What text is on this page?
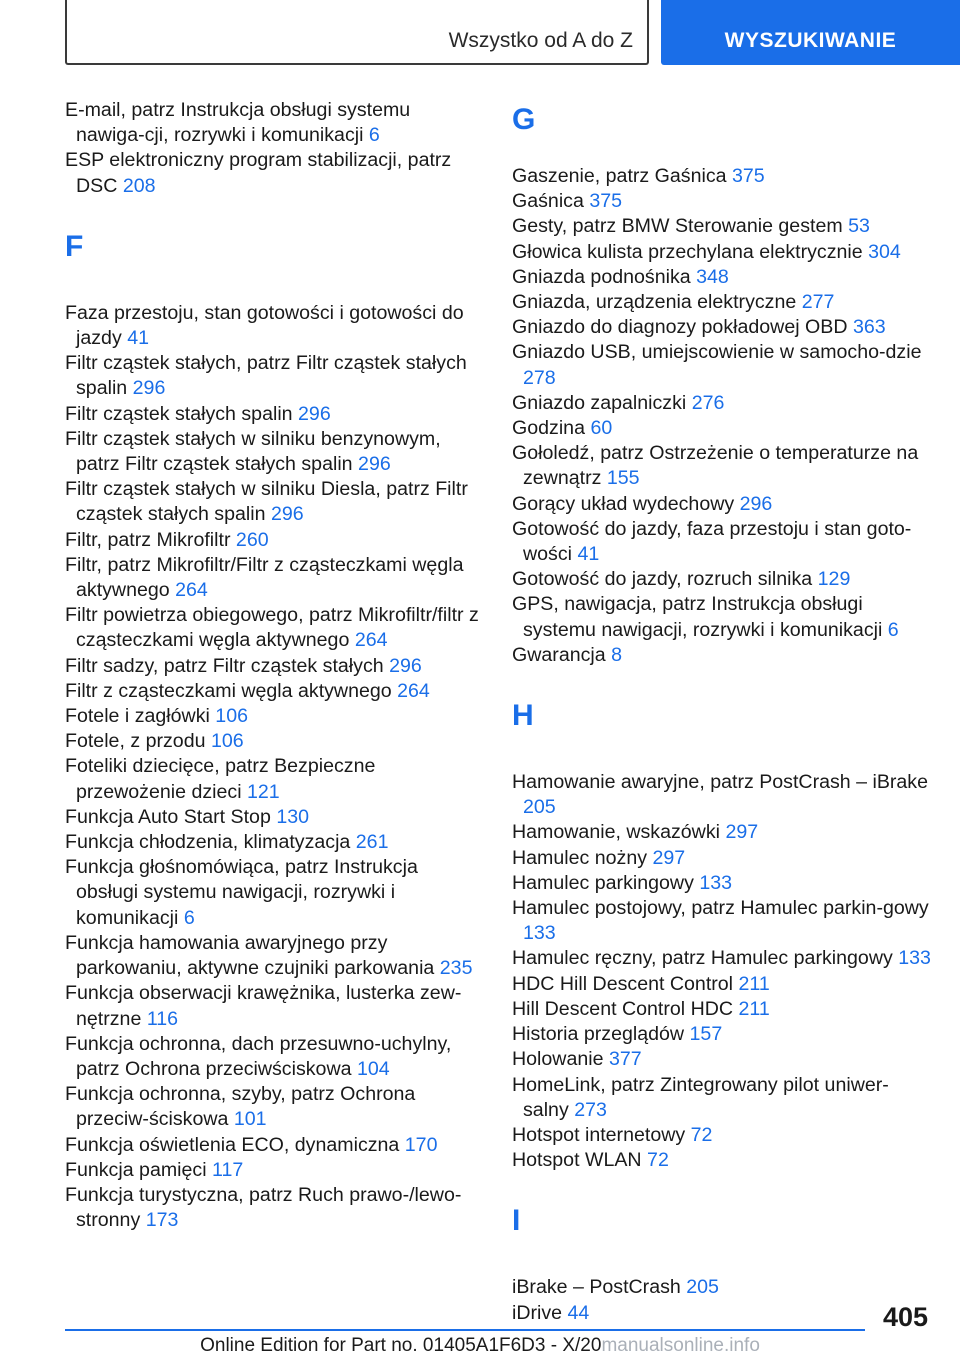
Wszystko od A do Z	WYSZUKIWANIE
E-mail, patrz Instrukcja obsługi systemu nawiga-cji, rozrywki i komunikacji 6
ESP elektroniczny program stabilizacji, patrz DSC 208
F
Faza przestoju, stan gotowości i gotowości do jazdy 41
Filtr cząstek stałych, patrz Filtr cząstek stałych spalin 296
Filtr cząstek stałych spalin 296
Filtr cząstek stałych w silniku benzynowym, patrz Filtr cząstek stałych spalin 296
Filtr cząstek stałych w silniku Diesla, patrz Filtr cząstek stałych spalin 296
Filtr, patrz Mikrofiltr 260
Filtr, patrz Mikrofiltr/Filtr z cząsteczkami węgla aktywnego 264
Filtr powietrza obiegowego, patrz Mikrofiltr/filtr z cząsteczkami węgla aktywnego 264
Filtr sadzy, patrz Filtr cząstek stałych 296
Filtr z cząsteczkami węgla aktywnego 264
Fotele i zagłówki 106
Fotele, z przodu 106
Foteliki dziecięce, patrz Bezpieczne przewożenie dzieci 121
Funkcja Auto Start Stop 130
Funkcja chłodzenia, klimatyzacja 261
Funkcja głośnomówiąca, patrz Instrukcja obsługi systemu nawigacji, rozrywki i komunikacji 6
Funkcja hamowania awaryjnego przy parkowaniu, aktywne czujniki parkowania 235
Funkcja obserwacji krawężnika, lusterka zew-nętrzne 116
Funkcja ochronna, dach przesuwno-uchylny, patrz Ochrona przeciwściskowa 104
Funkcja ochronna, szyby, patrz Ochrona przeciw-ściskowa 101
Funkcja oświetlenia ECO, dynamiczna 170
Funkcja pamięci 117
Funkcja turystyczna, patrz Ruch prawo-/lewo-stronny 173
G
Gaszenie, patrz Gaśnica 375
Gaśnica 375
Gesty, patrz BMW Sterowanie gestem 53
Głowica kulista przechylana elektrycznie 304
Gniazda podnośnika 348
Gniazda, urządzenia elektryczne 277
Gniazdo do diagnozy pokładowej OBD 363
Gniazdo USB, umiejscowienie w samocho-dzie 278
Gniazdo zapalniczki 276
Godzina 60
Gołoledź, patrz Ostrzeżenie o temperaturze na zewnątrz 155
Gorący układ wydechowy 296
Gotowość do jazdy, faza przestoju i stan goto-wości 41
Gotowość do jazdy, rozruch silnika 129
GPS, nawigacja, patrz Instrukcja obsługi systemu nawigacji, rozrywki i komunikacji 6
Gwarancja 8
H
Hamowanie awaryjne, patrz PostCrash – iBrake 205
Hamowanie, wskazówki 297
Hamulec nożny 297
Hamulec parkingowy 133
Hamulec postojowy, patrz Hamulec parkin-gowy 133
Hamulec ręczny, patrz Hamulec parkingowy 133
HDC Hill Descent Control 211
Hill Descent Control HDC 211
Historia przeglądów 157
Holowanie 377
HomeLink, patrz Zintegrowany pilot uniwer-salny 273
Hotspot internetowy 72
Hotspot WLAN 72
I
iBrake – PostCrash 205
iDrive 44	405
Online Edition for Part no. 01405A1F6D3 - X/20manualsonline.info
